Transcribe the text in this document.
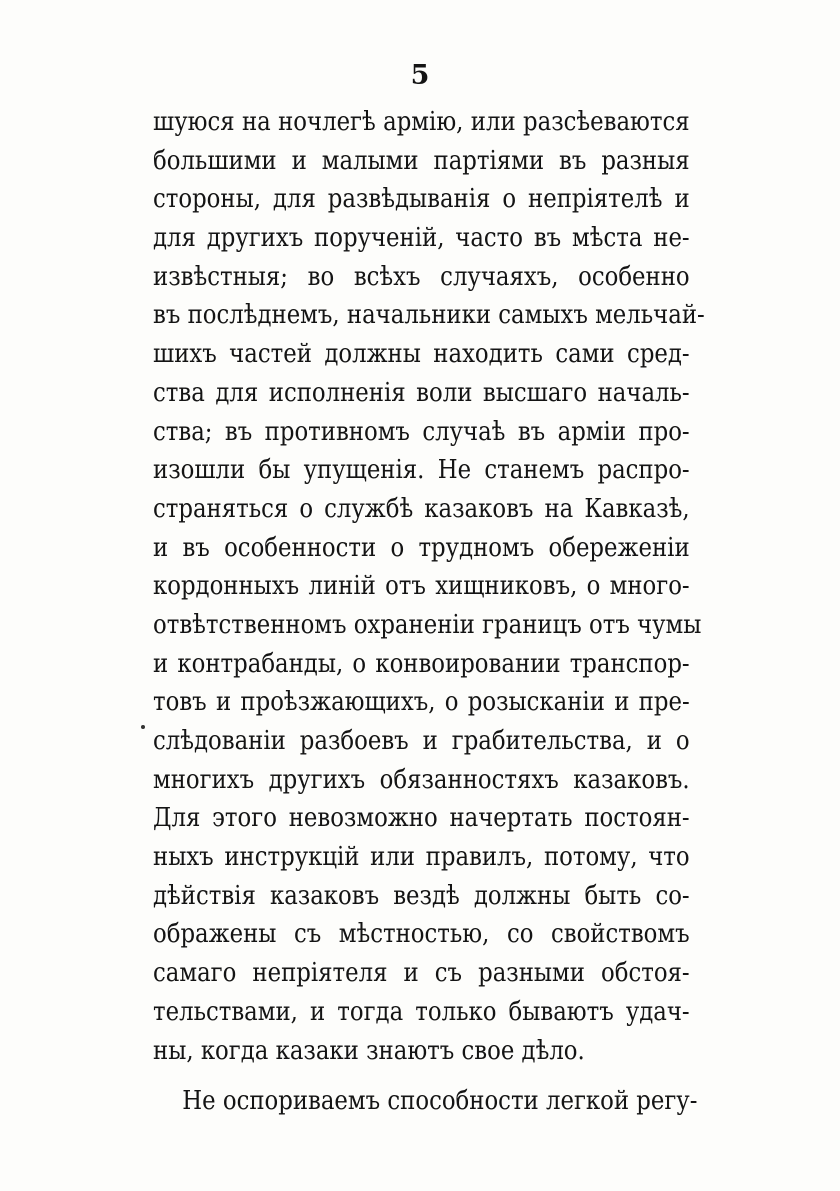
5
шуюся на ночлегѣ армію, или разсѣеваются
большими и малыми партіями въ разныя
стороны, для развѣдыванія о непріятелѣ и
для другихъ порученій, часто въ мѣста не-
извѣстныя; во всѣхъ случаяхъ, особенно
въ послѣднемъ, начальники самыхъ мельчай-
шихъ частей должны находить сами сред-
ства для исполненія воли высшаго началь-
ства; въ противномъ случаѣ въ арміи про-
изошли бы упущенія. Не станемъ распро-
страняться о службѣ казаковъ на Кавказѣ,
и въ особенности о трудномъ обереженіи
кордонныхъ линій отъ хищниковъ, о много-
отвѣтственномъ охраненіи границъ отъ чумы
и контрабанды, о конвоировании транспор-
товъ и проѣзжающихъ, о розысканіи и пре-
слѣдованіи разбоевъ и грабительства, и о
многихъ другихъ обязанностяхъ казаковъ.
Для этого невозможно начертать постоян-
ныхъ инструкцій или правилъ, потому, что
дѣйствія казаковъ вездѣ должны быть со-
ображены съ мѣстностью, со свойствомъ
самаго непріятеля и съ разными обстоя-
тельствами, и тогда только бываютъ удач-
ны, когда казаки знаютъ свое дѣло.
Не оспориваемъ способности легкой регу-
